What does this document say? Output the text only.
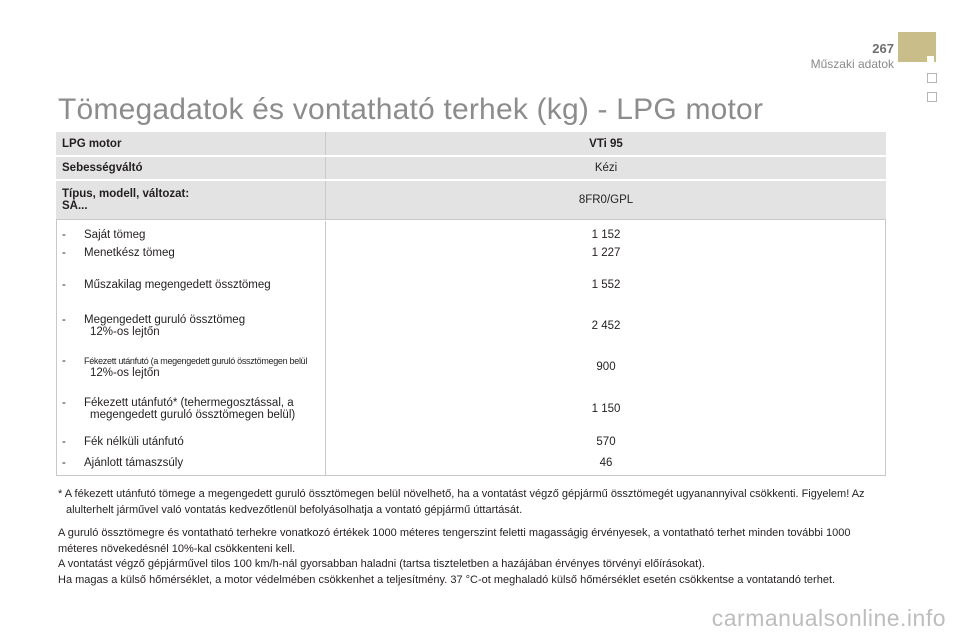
267
Műszaki adatok
Tömegadatok és vontatható terhek (kg) - LPG motor
LPG motor	VTi 95
Sebességváltó	Kézi
Típus, modell, változat:
SA...	8FR0/GPL
- Saját tömeg	1 152
- Menetkész tömeg	1 227
- Műszakilag megengedett össztömeg	1 552
- Megengedett guruló össztömeg
12%-os lejtőn	2 452
- Fékezett utánfutó (a megengedett guruló össztömegen belül
12%-os lejtőn	900
- Fékezett utánfutó* (tehermegosztással, a
megengedett guruló össztömegen belül)	1 150
- Fék nélküli utánfutó	570
- Ajánlott támaszsúly	46

* A fékezett utánfutó tömege a megengedett guruló össztömegen belül növelhető, ha a vontatást végző gépjármű össztömegét ugyanannyival csökkenti. Figyelem! Az alulterhelt járművel való vontatás kedvezőtlenül befolyásolhatja a vontató gépjármű úttartását.

A guruló össztömegre és vontatható terhekre vonatkozó értékek 1000 méteres tengerszint feletti magasságig érvényesek, a vontatható terhet minden további 1000 méteres növekedésnél 10%-kal csökkenteni kell.

A vontatást végző gépjárművel tilos 100 km/h-nál gyorsabban haladni (tartsa tiszteletben a hazájában érvényes törvényi előírásokat).

Ha magas a külső hőmérséklet, a motor védelmében csökkenhet a teljesítmény. 37 °C-ot meghaladó külső hőmérséklet esetén csökkentse a vontatandó terhet.

carmanualsonline.info
